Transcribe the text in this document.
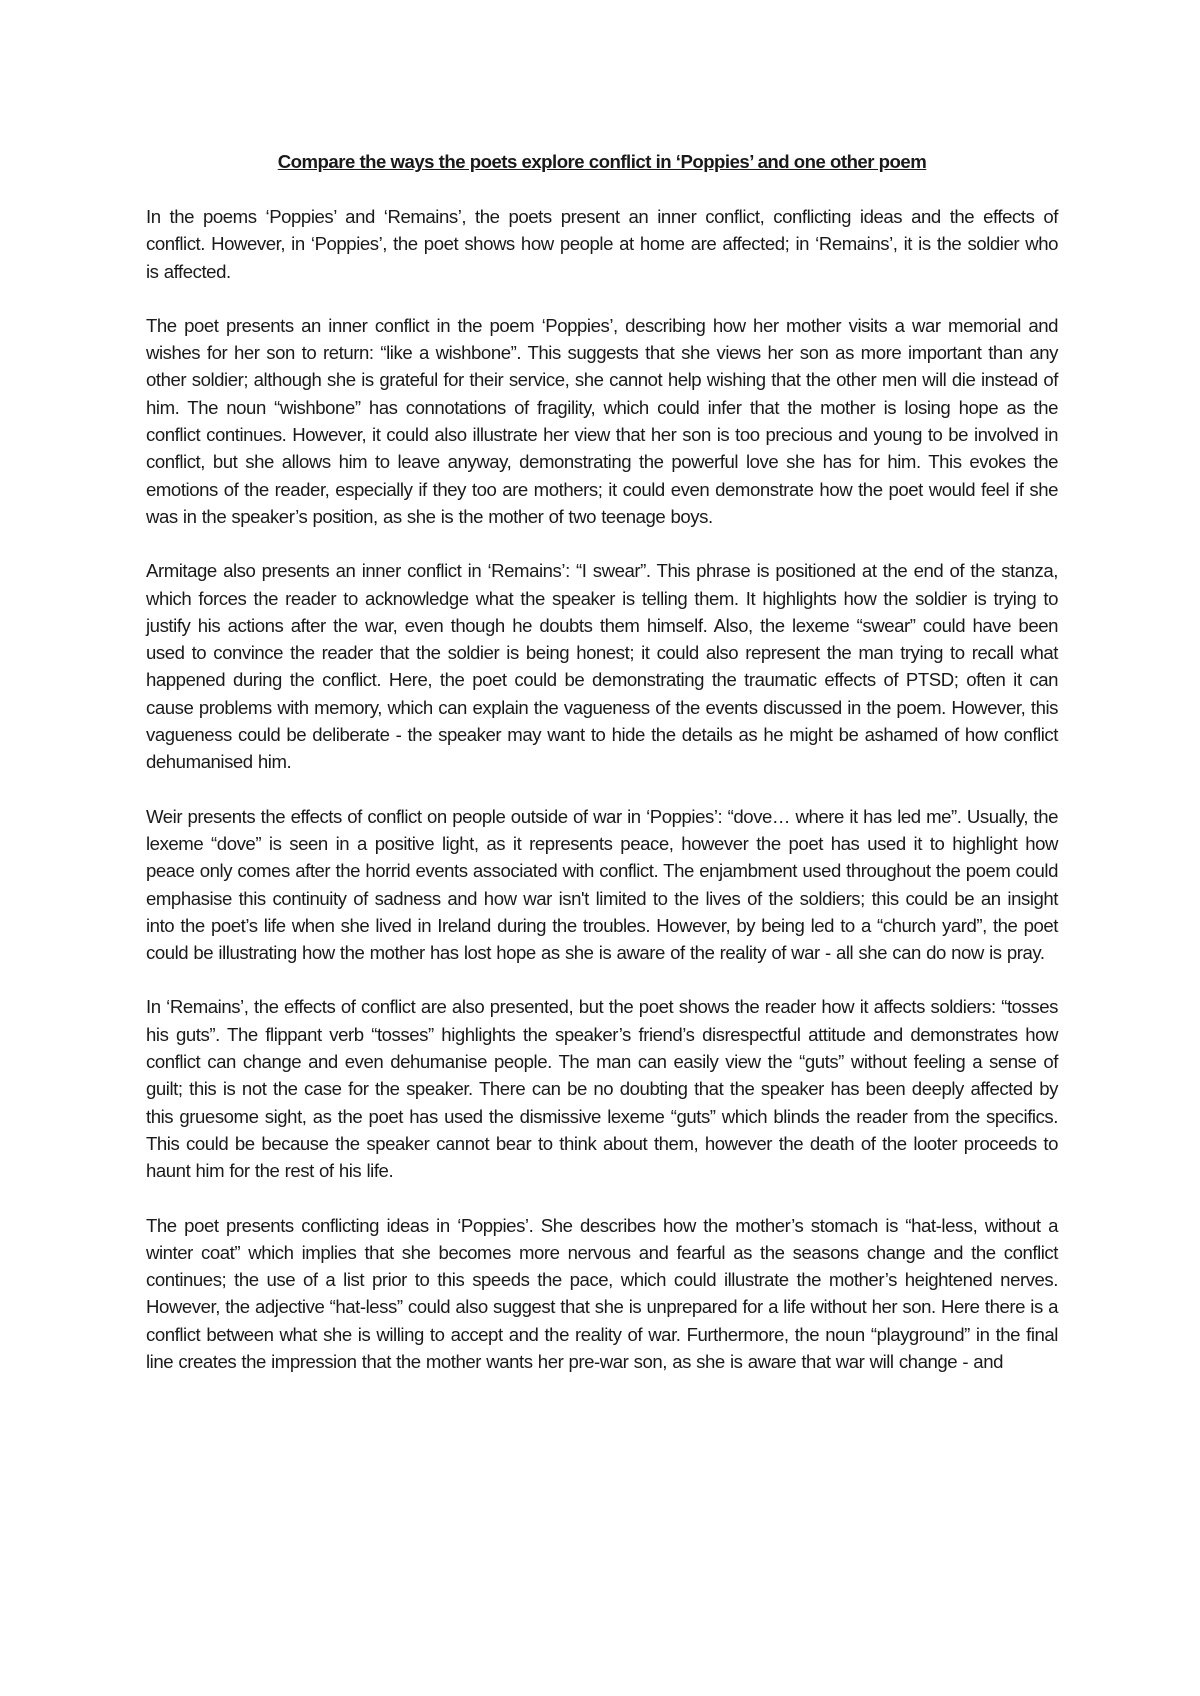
Compare the ways the poets explore conflict in ‘Poppies’ and one other poem

In the poems ‘Poppies’ and ‘Remains’, the poets present an inner conflict, conflicting ideas and the effects of conflict. However, in ‘Poppies’, the poet shows how people at home are affected; in ‘Remains’, it is the soldier who is affected.

The poet presents an inner conflict in the poem ‘Poppies’, describing how her mother visits a war memorial and wishes for her son to return: “like a wishbone”. This suggests that she views her son as more important than any other soldier; although she is grateful for their service, she cannot help wishing that the other men will die instead of him. The noun “wishbone” has connotations of fragility, which could infer that the mother is losing hope as the conflict continues. However, it could also illustrate her view that her son is too precious and young to be involved in conflict, but she allows him to leave anyway, demonstrating the powerful love she has for him. This evokes the emotions of the reader, especially if they too are mothers; it could even demonstrate how the poet would feel if she was in the speaker’s position, as she is the mother of two teenage boys.

Armitage also presents an inner conflict in ‘Remains’: “I swear”. This phrase is positioned at the end of the stanza, which forces the reader to acknowledge what the speaker is telling them. It highlights how the soldier is trying to justify his actions after the war, even though he doubts them himself. Also, the lexeme “swear” could have been used to convince the reader that the soldier is being honest; it could also represent the man trying to recall what happened during the conflict. Here, the poet could be demonstrating the traumatic effects of PTSD; often it can cause problems with memory, which can explain the vagueness of the events discussed in the poem. However, this vagueness could be deliberate - the speaker may want to hide the details as he might be ashamed of how conflict dehumanised him.

Weir presents the effects of conflict on people outside of war in ‘Poppies’: “dove… where it has led me”. Usually, the lexeme “dove” is seen in a positive light, as it represents peace, however the poet has used it to highlight how peace only comes after the horrid events associated with conflict. The enjambment used throughout the poem could emphasise this continuity of sadness and how war isn't limited to the lives of the soldiers; this could be an insight into the poet’s life when she lived in Ireland during the troubles. However, by being led to a “church yard”, the poet could be illustrating how the mother has lost hope as she is aware of the reality of war - all she can do now is pray.

In ‘Remains’, the effects of conflict are also presented, but the poet shows the reader how it affects soldiers: “tosses his guts”. The flippant verb “tosses” highlights the speaker’s friend’s disrespectful attitude and demonstrates how conflict can change and even dehumanise people. The man can easily view the “guts” without feeling a sense of guilt; this is not the case for the speaker. There can be no doubting that the speaker has been deeply affected by this gruesome sight, as the poet has used the dismissive lexeme “guts” which blinds the reader from the specifics. This could be because the speaker cannot bear to think about them, however the death of the looter proceeds to haunt him for the rest of his life.

The poet presents conflicting ideas in ‘Poppies’. She describes how the mother’s stomach is “hat-less, without a winter coat” which implies that she becomes more nervous and fearful as the seasons change and the conflict continues; the use of a list prior to this speeds the pace, which could illustrate the mother’s heightened nerves. However, the adjective “hat-less” could also suggest that she is unprepared for a life without her son. Here there is a conflict between what she is willing to accept and the reality of war. Furthermore, the noun “playground” in the final line creates the impression that the mother wants her pre-war son, as she is aware that war will change - and
